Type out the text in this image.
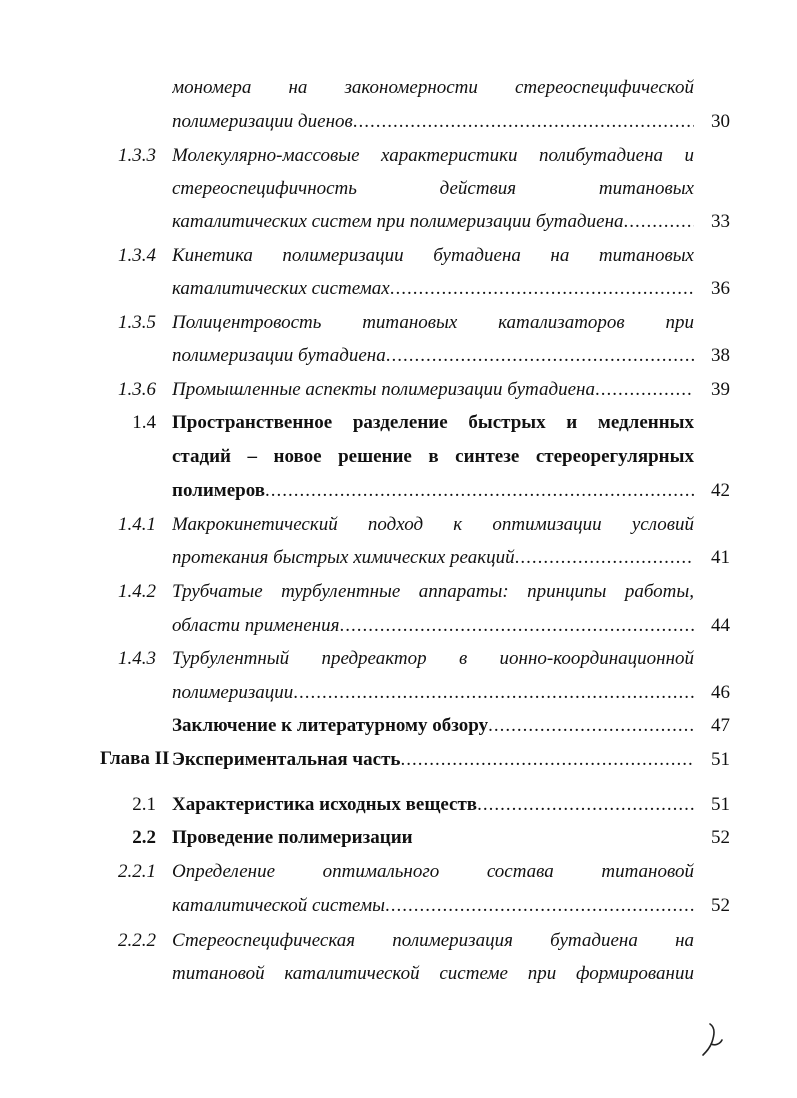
мономера на закономерности стереоспецифической
полимеризации диенов .....	30
1.3.3 Молекулярно-массовые характеристики полибутадиена и
стереоспецифичность	действия	титановых
каталитических систем при полимеризации бутадиена .....	33
1.3.4 Кинетика полимеризации бутадиена на титановых
каталитических системах .....	36
1.3.5 Полицентровость титановых катализаторов при
полимеризации бутадиена .....	38
1.3.6 Промышленные аспекты полимеризации бутадиена .....	39
1.4 Пространственное разделение быстрых и медленных
стадий – новое решение в синтезе стереорегулярных
полимеров .....	42
1.4.1 Макрокинетический подход к оптимизации условий
протекания быстрых химических реакций .....	41
1.4.2 Трубчатые турбулентные аппараты: принципы работы,
области применения .....	44
1.4.3 Турбулентный предреактор в ионно-координационной
полимеризации .....	46
Заключение к литературному обзору .....	47
Глава II Экспериментальная часть .....	51
2.1 Характеристика исходных веществ .....	51
2.2 Проведение полимеризации	52
2.2.1 Определение	оптимального	состава	титановой
каталитической системы .....	52
2.2.2 Стереоспецифическая полимеризация бутадиена на
титановой каталитической системе при формировании
